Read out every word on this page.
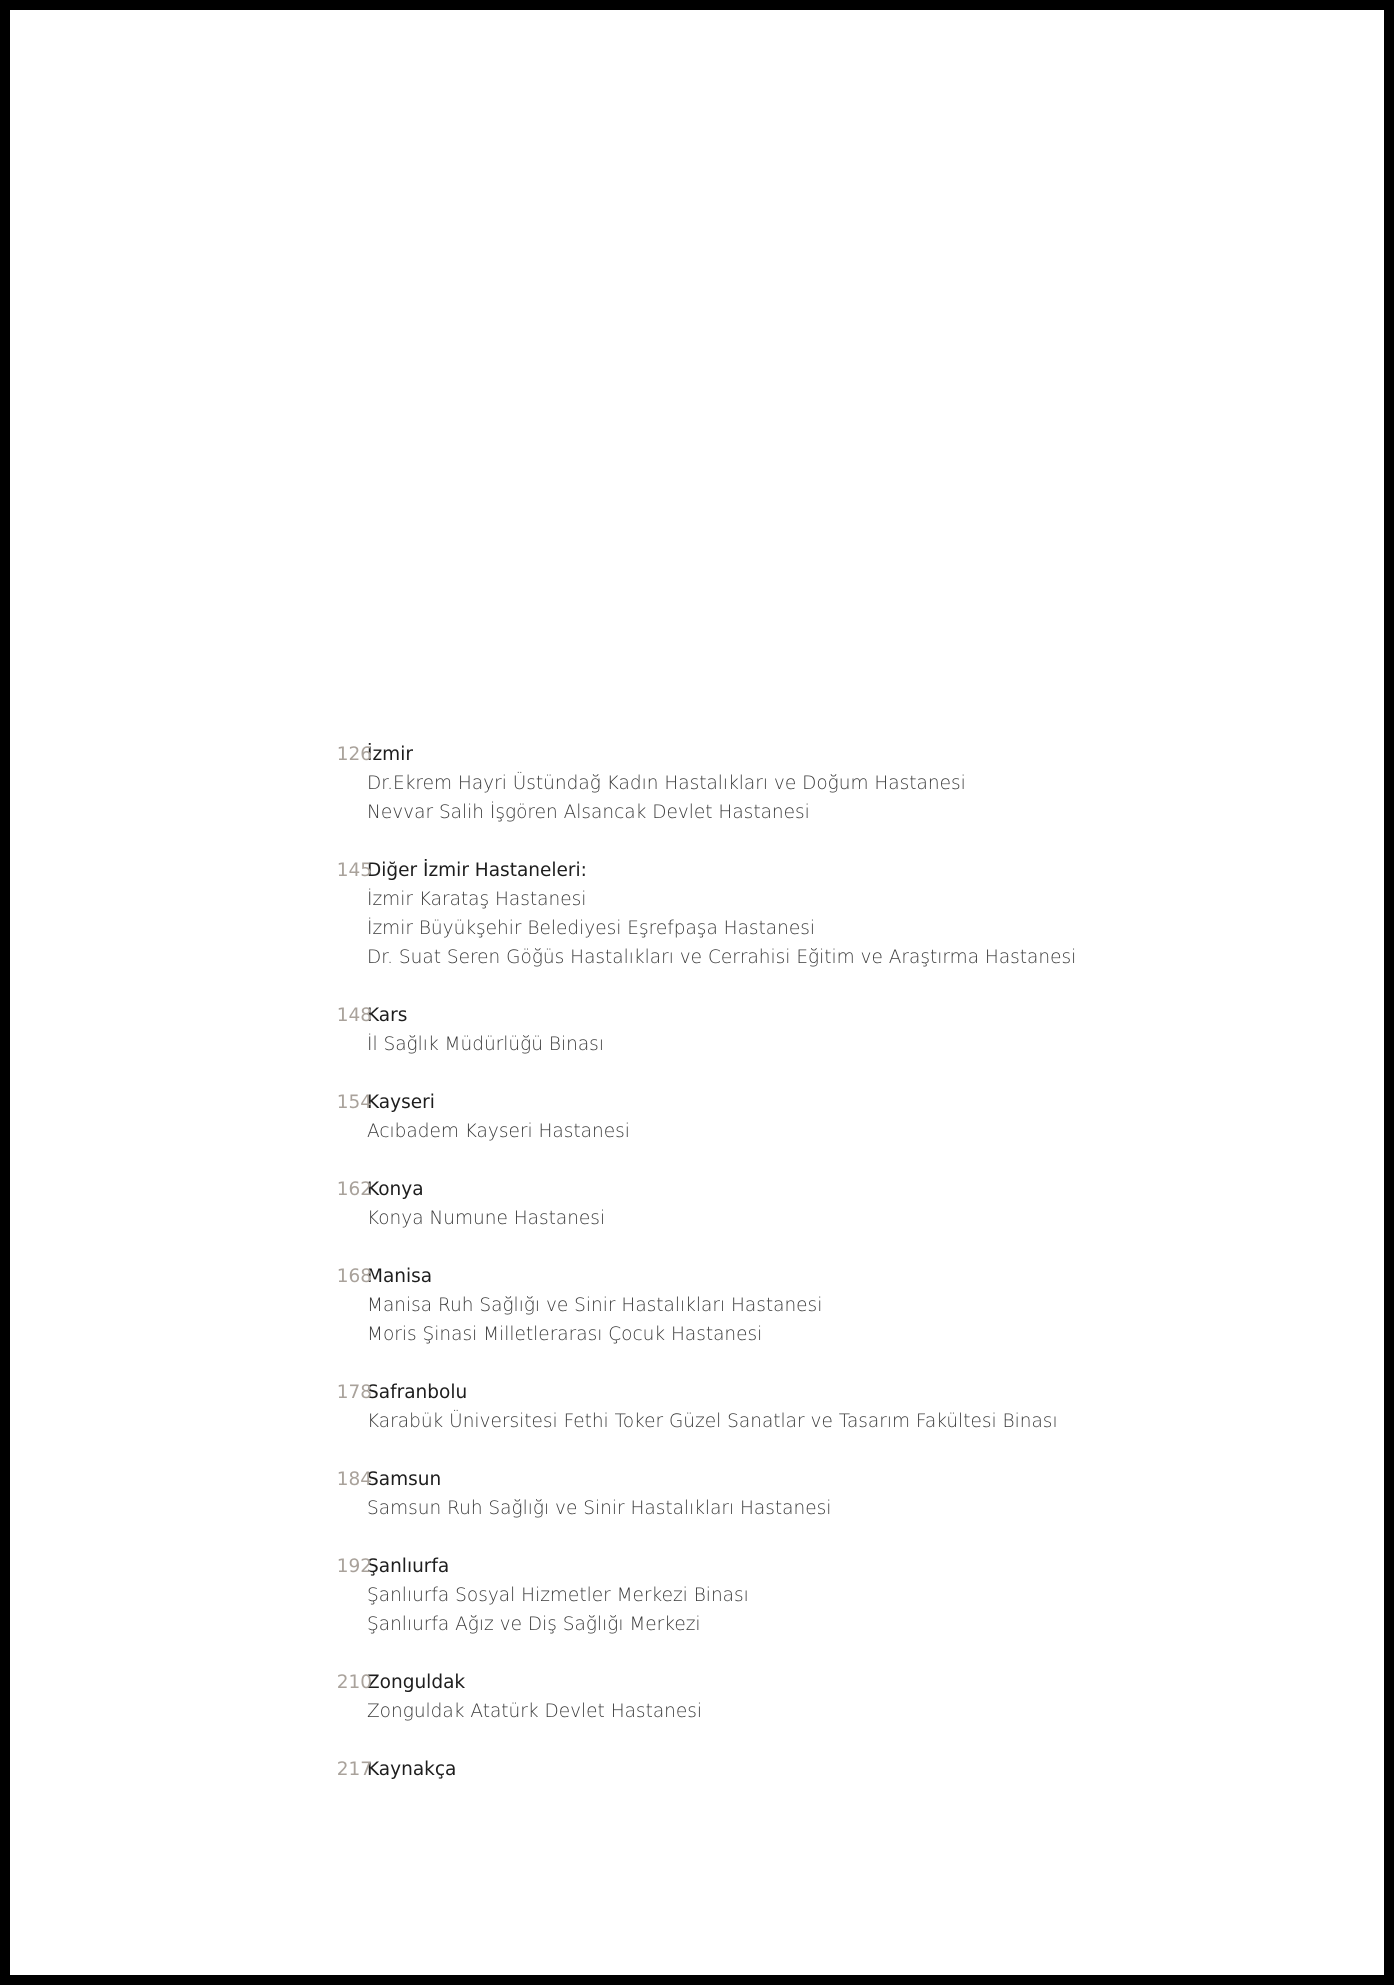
126
İzmir
Dr.Ekrem Hayri Üstündağ Kadın Hastalıkları ve Doğum Hastanesi
Nevvar Salih İşgören Alsancak Devlet Hastanesi
145
Diğer İzmir Hastaneleri:
İzmir Karataş Hastanesi
İzmir Büyükşehir Belediyesi Eşrefpaşa Hastanesi
Dr. Suat Seren Göğüs Hastalıkları ve Cerrahisi Eğitim ve Araştırma Hastanesi
148
Kars
İl Sağlık Müdürlüğü Binası
154
Kayseri
Acıbadem Kayseri Hastanesi
162
Konya
Konya Numune Hastanesi
168
Manisa
Manisa Ruh Sağlığı ve Sinir Hastalıkları Hastanesi
Moris Şinasi Milletlerarası Çocuk Hastanesi
178
Safranbolu
Karabük Üniversitesi Fethi Toker Güzel Sanatlar ve Tasarım Fakültesi Binası
184
Samsun
Samsun Ruh Sağlığı ve Sinir Hastalıkları Hastanesi
192
Şanlıurfa
Şanlıurfa Sosyal Hizmetler Merkezi Binası
Şanlıurfa Ağız ve Diş Sağlığı Merkezi
210
Zonguldak
Zonguldak Atatürk Devlet Hastanesi
217
Kaynakça
